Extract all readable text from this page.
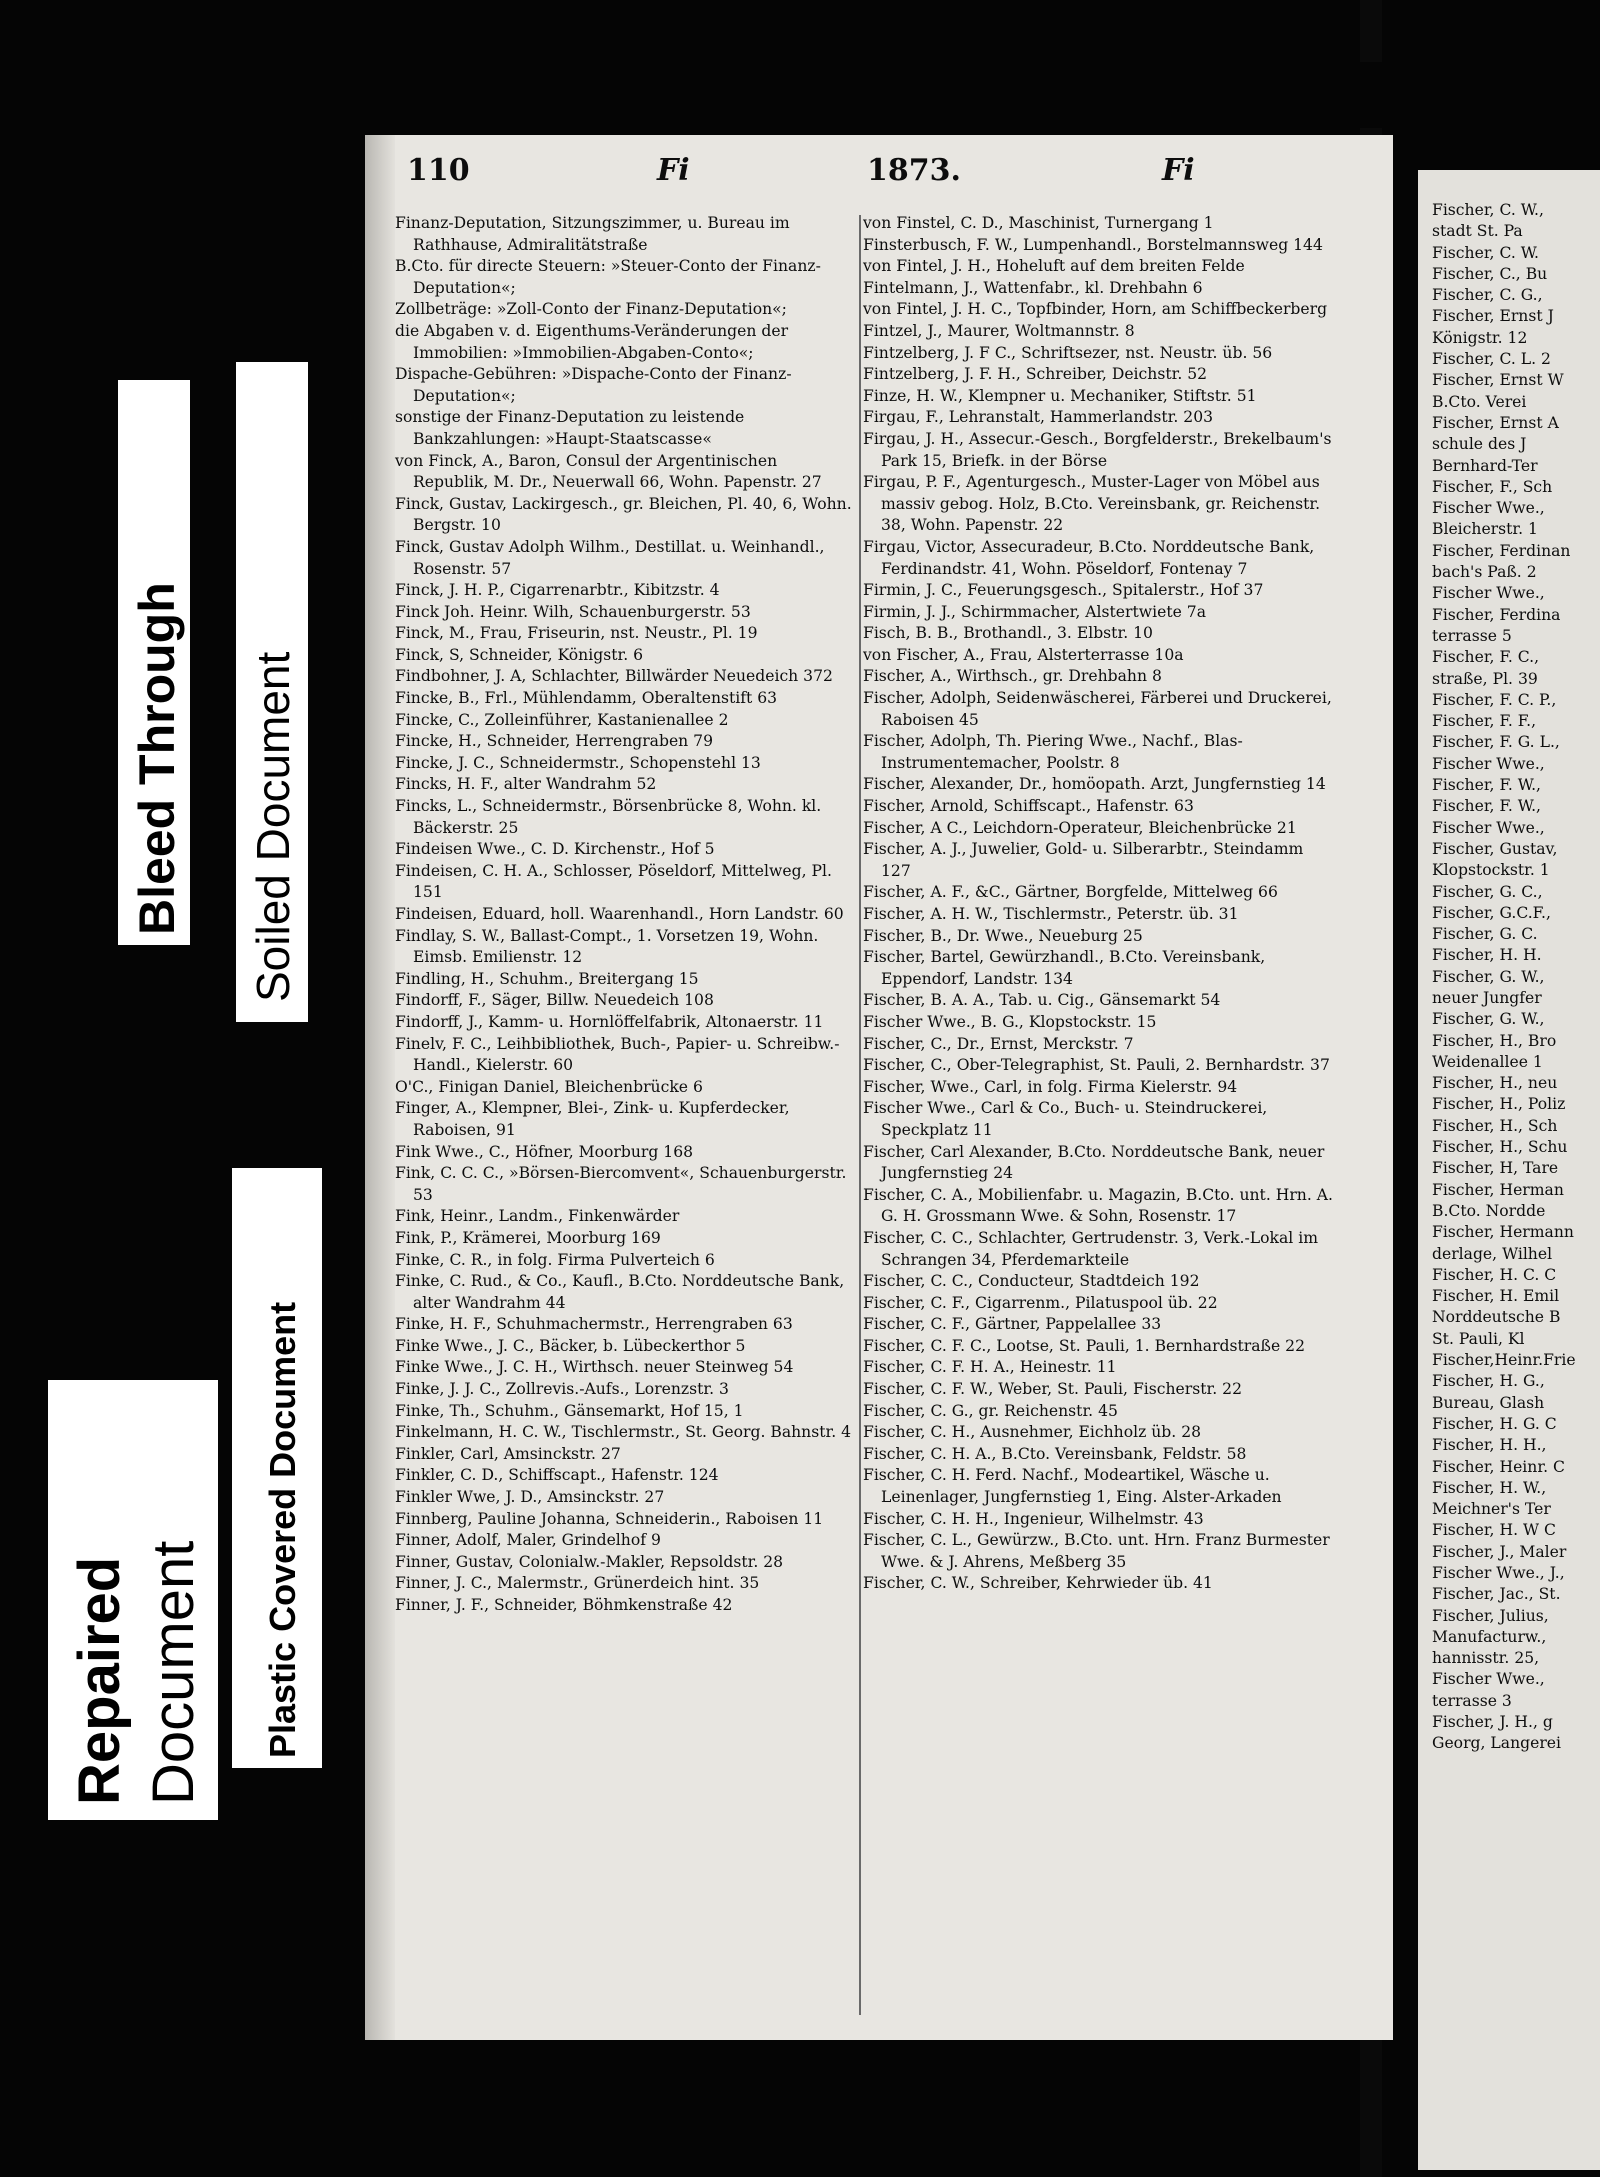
Fischer, C. W.,
stadt St. Pa
Fischer, C. W.
Fischer, C., Bu
Fischer, C. G.,
Fischer, Ernst J
Königstr. 12
Fischer, C. L. 2
Fischer, Ernst W
B.Cto. Verei
Fischer, Ernst A
schule des J
Bernhard-Ter
Fischer, F., Sch
Fischer Wwe.,
Bleicherstr. 1
Fischer, Ferdinan
bach's Paß. 2
Fischer Wwe.,
Fischer, Ferdina
terrasse 5
Fischer, F. C.,
straße, Pl. 39
Fischer, F. C. P.,
Fischer, F. F.,
Fischer, F. G. L.,
Fischer Wwe.,
Fischer, F. W.,
Fischer, F. W.,
Fischer Wwe.,
Fischer, Gustav,
Klopstockstr. 1
Fischer, G. C.,
Fischer, G.C.F.,
Fischer, G. C.
Fischer, H. H.
Fischer, G. W.,
neuer Jungfer
Fischer, G. W.,
Fischer, H., Bro
Weidenallee 1
Fischer, H., neu
Fischer, H., Poliz
Fischer, H., Sch
Fischer, H., Schu
Fischer, H, Tare
Fischer, Herman
B.Cto. Nordde
Fischer, Hermann
derlage, Wilhel
Fischer, H. C. C
Fischer, H. Emil
Norddeutsche B
St. Pauli, Kl
Fischer,Heinr.Frie
Fischer, H. G.,
Bureau, Glash
Fischer, H. G. C
Fischer, H. H.,
Fischer, Heinr. C
Fischer, H. W.,
Meichner's Ter
Fischer, H. W C
Fischer, J., Maler
Fischer Wwe., J.,
Fischer, Jac., St.
Fischer, Julius,
Manufacturw.,
hannisstr. 25,
Fischer Wwe.,
terrasse 3
Fischer, J. H., g
Georg, Langerei
110	Fi	1873.	Fi
Finanz-Deputation, Sitzungszimmer, u. Bureau im Rathhause, Admiralitätstraße
B.Cto. für directe Steuern: »Steuer-Conto der Finanz-Deputation«;
Zollbeträge: »Zoll-Conto der Finanz-Deputation«;
die Abgaben v. d. Eigenthums-Veränderungen der Immobilien: »Immobilien-Abgaben-Conto«;
Dispache-Gebühren: »Dispache-Conto der Finanz-Deputation«;
sonstige der Finanz-Deputation zu leistende Bankzahlungen: »Haupt-Staatscasse«
von Finck, A., Baron, Consul der Argentinischen Republik, M. Dr., Neuerwall 66, Wohn. Papenstr. 27
Finck, Gustav, Lackirgesch., gr. Bleichen, Pl. 40, 6, Wohn. Bergstr. 10
Finck, Gustav Adolph Wilhm., Destillat. u. Weinhandl., Rosenstr. 57
Finck, J. H. P., Cigarrenarbtr., Kibitzstr. 4
Finck Joh. Heinr. Wilh, Schauenburgerstr. 53
Finck, M., Frau, Friseurin, nst. Neustr., Pl. 19
Finck, S, Schneider, Königstr. 6
Findbohner, J. A, Schlachter, Billwärder Neuedeich 372
Fincke, B., Frl., Mühlendamm, Oberaltenstift 63
Fincke, C., Zolleinführer, Kastanienallee 2
Fincke, H., Schneider, Herrengraben 79
Fincke, J. C., Schneidermstr., Schopenstehl 13
Fincks, H. F., alter Wandrahm 52
Fincks, L., Schneidermstr., Börsenbrücke 8, Wohn. kl. Bäckerstr. 25
Findeisen Wwe., C. D. Kirchenstr., Hof 5
Findeisen, C. H. A., Schlosser, Pöseldorf, Mittelweg, Pl. 151
Findeisen, Eduard, holl. Waarenhandl., Horn Landstr. 60
Findlay, S. W., Ballast-Compt., 1. Vorsetzen 19, Wohn. Eimsb. Emilienstr. 12
Findling, H., Schuhm., Breitergang 15
Findorff, F., Säger, Billw. Neuedeich 108
Findorff, J., Kamm- u. Hornlöffelfabrik, Altonaerstr. 11
Finelv, F. C., Leihbibliothek, Buch-, Papier- u. Schreibw.-Handl., Kielerstr. 60
O'C., Finigan Daniel, Bleichenbrücke 6
Finger, A., Klempner, Blei-, Zink- u. Kupferdecker, Raboisen, 91
Fink Wwe., C., Höfner, Moorburg 168
Fink, C. C. C., »Börsen-Biercomvent«, Schauenburgerstr. 53
Fink, Heinr., Landm., Finkenwärder
Fink, P., Krämerei, Moorburg 169
Finke, C. R., in folg. Firma Pulverteich 6
Finke, C. Rud., & Co., Kaufl., B.Cto. Norddeutsche Bank, alter Wandrahm 44
Finke, H. F., Schuhmachermstr., Herrengraben 63
Finke Wwe., J. C., Bäcker, b. Lübeckerthor 5
Finke Wwe., J. C. H., Wirthsch. neuer Steinweg 54
Finke, J. J. C., Zollrevis.-Aufs., Lorenzstr. 3
Finke, Th., Schuhm., Gänsemarkt, Hof 15, 1
Finkelmann, H. C. W., Tischlermstr., St. Georg. Bahnstr. 4
Finkler, Carl, Amsinckstr. 27
Finkler, C. D., Schiffscapt., Hafenstr. 124
Finkler Wwe, J. D., Amsinckstr. 27
Finnberg, Pauline Johanna, Schneiderin., Raboisen 11
Finner, Adolf, Maler, Grindelhof 9
Finner, Gustav, Colonialw.-Makler, Repsoldstr. 28
Finner, J. C., Malermstr., Grünerdeich hint. 35
Finner, J. F., Schneider, Böhmkenstraße 42
von Finstel, C. D., Maschinist, Turnergang 1
Finsterbusch, F. W., Lumpenhandl., Borstelmannsweg 144
von Fintel, J. H., Hoheluft auf dem breiten Felde
Fintelmann, J., Wattenfabr., kl. Drehbahn 6
von Fintel, J. H. C., Topfbinder, Horn, am Schiffbeckerberg
Fintzel, J., Maurer, Woltmannstr. 8
Fintzelberg, J. F C., Schriftsezer, nst. Neustr. üb. 56
Fintzelberg, J. F. H., Schreiber, Deichstr. 52
Finze, H. W., Klempner u. Mechaniker, Stiftstr. 51
Firgau, F., Lehranstalt, Hammerlandstr. 203
Firgau, J. H., Assecur.-Gesch., Borgfelderstr., Brekelbaum's Park 15, Briefk. in der Börse
Firgau, P. F., Agenturgesch., Muster-Lager von Möbel aus massiv gebog. Holz, B.Cto. Vereinsbank, gr. Reichenstr. 38, Wohn. Papenstr. 22
Firgau, Victor, Assecuradeur, B.Cto. Norddeutsche Bank, Ferdinandstr. 41, Wohn. Pöseldorf, Fontenay 7
Firmin, J. C., Feuerungsgesch., Spitalerstr., Hof 37
Firmin, J. J., Schirmmacher, Alstertwiete 7a
Fisch, B. B., Brothandl., 3. Elbstr. 10
von Fischer, A., Frau, Alsterterrasse 10a
Fischer, A., Wirthsch., gr. Drehbahn 8
Fischer, Adolph, Seidenwäscherei, Färberei und Druckerei, Raboisen 45
Fischer, Adolph, Th. Piering Wwe., Nachf., Blas-Instrumentemacher, Poolstr. 8
Fischer, Alexander, Dr., homöopath. Arzt, Jungfernstieg 14
Fischer, Arnold, Schiffscapt., Hafenstr. 63
Fischer, A C., Leichdorn-Operateur, Bleichenbrücke 21
Fischer, A. J., Juwelier, Gold- u. Silberarbtr., Steindamm 127
Fischer, A. F., &C., Gärtner, Borgfelde, Mittelweg 66
Fischer, A. H. W., Tischlermstr., Peterstr. üb. 31
Fischer, B., Dr. Wwe., Neueburg 25
Fischer, Bartel, Gewürzhandl., B.Cto. Vereinsbank, Eppendorf, Landstr. 134
Fischer, B. A. A., Tab. u. Cig., Gänsemarkt 54
Fischer Wwe., B. G., Klopstockstr. 15
Fischer, C., Dr., Ernst, Merckstr. 7
Fischer, C., Ober-Telegraphist, St. Pauli, 2. Bernhardstr. 37
Fischer, Wwe., Carl, in folg. Firma Kielerstr. 94
Fischer Wwe., Carl & Co., Buch- u. Steindruckerei, Speckplatz 11
Fischer, Carl Alexander, B.Cto. Norddeutsche Bank, neuer Jungfernstieg 24
Fischer, C. A., Mobilienfabr. u. Magazin, B.Cto. unt. Hrn. A. G. H. Grossmann Wwe. & Sohn, Rosenstr. 17
Fischer, C. C., Schlachter, Gertrudenstr. 3, Verk.-Lokal im Schrangen 34, Pferdemarkteile
Fischer, C. C., Conducteur, Stadtdeich 192
Fischer, C. F., Cigarrenm., Pilatuspool üb. 22
Fischer, C. F., Gärtner, Pappelallee 33
Fischer, C. F. C., Lootse, St. Pauli, 1. Bernhardstraße 22
Fischer, C. F. H. A., Heinestr. 11
Fischer, C. F. W., Weber, St. Pauli, Fischerstr. 22
Fischer, C. G., gr. Reichenstr. 45
Fischer, C. H., Ausnehmer, Eichholz üb. 28
Fischer, C. H. A., B.Cto. Vereinsbank, Feldstr. 58
Fischer, C. H. Ferd. Nachf., Modeartikel, Wäsche u. Leinenlager, Jungfernstieg 1, Eing. Alster-Arkaden
Fischer, C. H. H., Ingenieur, Wilhelmstr. 43
Fischer, C. L., Gewürzw., B.Cto. unt. Hrn. Franz Burmester Wwe. & J. Ahrens, Meßberg 35
Fischer, C. W., Schreiber, Kehrwieder üb. 41
Bleed Through Soiled Document
Plastic Covered Document
Repaired Document
